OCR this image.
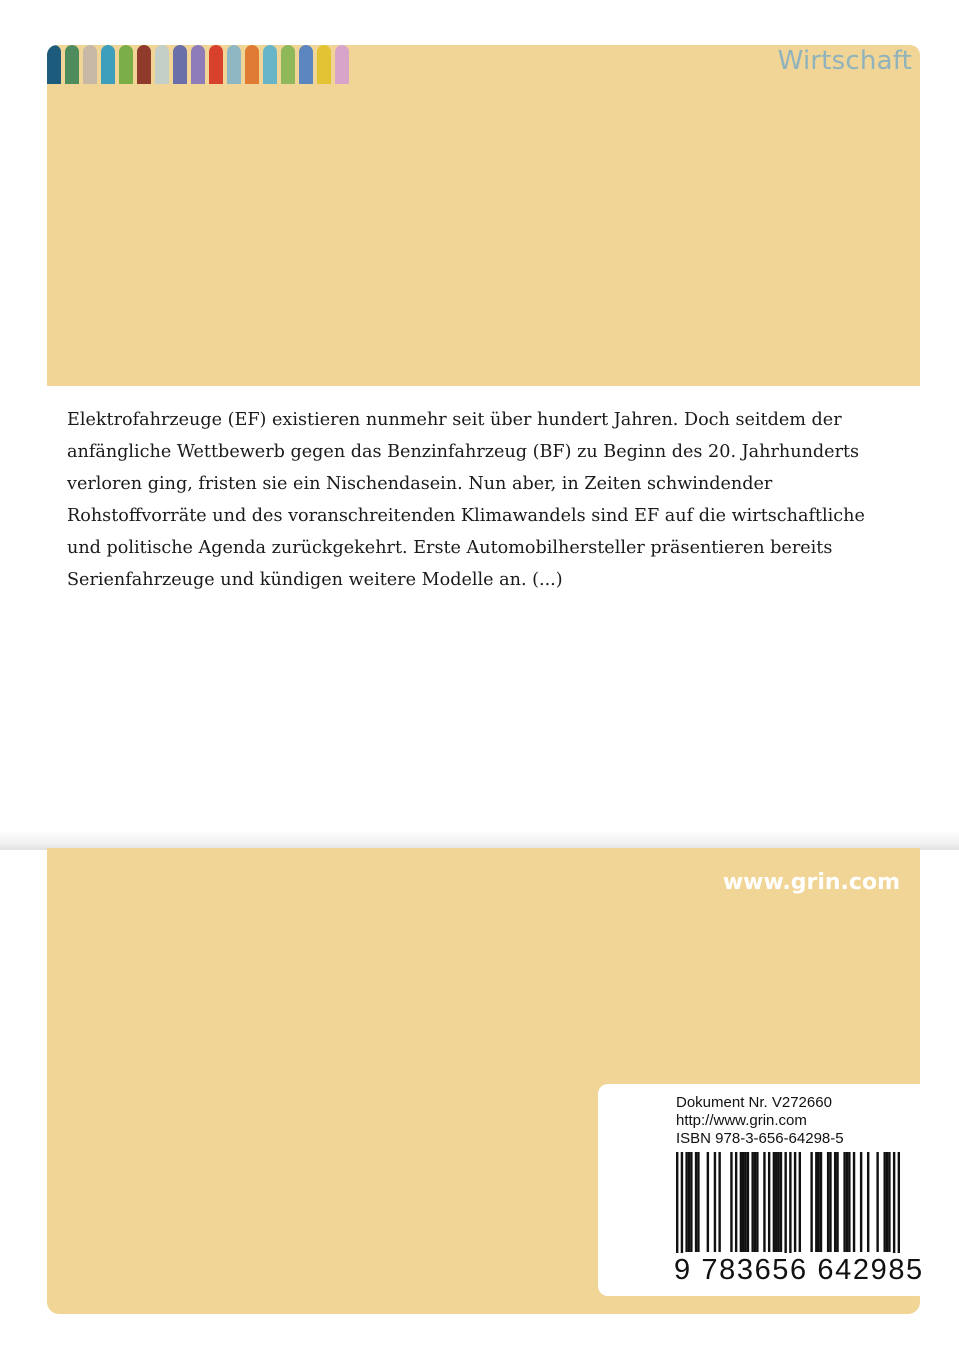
Wirtschaft

Elektrofahrzeuge (EF) existieren nunmehr seit über hundert Jahren. Doch seitdem der

anfängliche Wettbewerb gegen das Benzinfahrzeug (BF) zu Beginn des 20. Jahrhunderts

verloren ging, fristen sie ein Nischendasein. Nun aber, in Zeiten schwindender

Rohstoffvorräte und des voranschreitenden Klimawandels sind EF auf die wirtschaftliche

und politische Agenda zurückgekehrt. Erste Automobilhersteller präsentieren bereits

Serienfahrzeuge und kündigen weitere Modelle an. (...)

www.grin.com
Dokument Nr. V272660
http://www.grin.com
ISBN 978-3-656-64298-5
9 783656 642985
